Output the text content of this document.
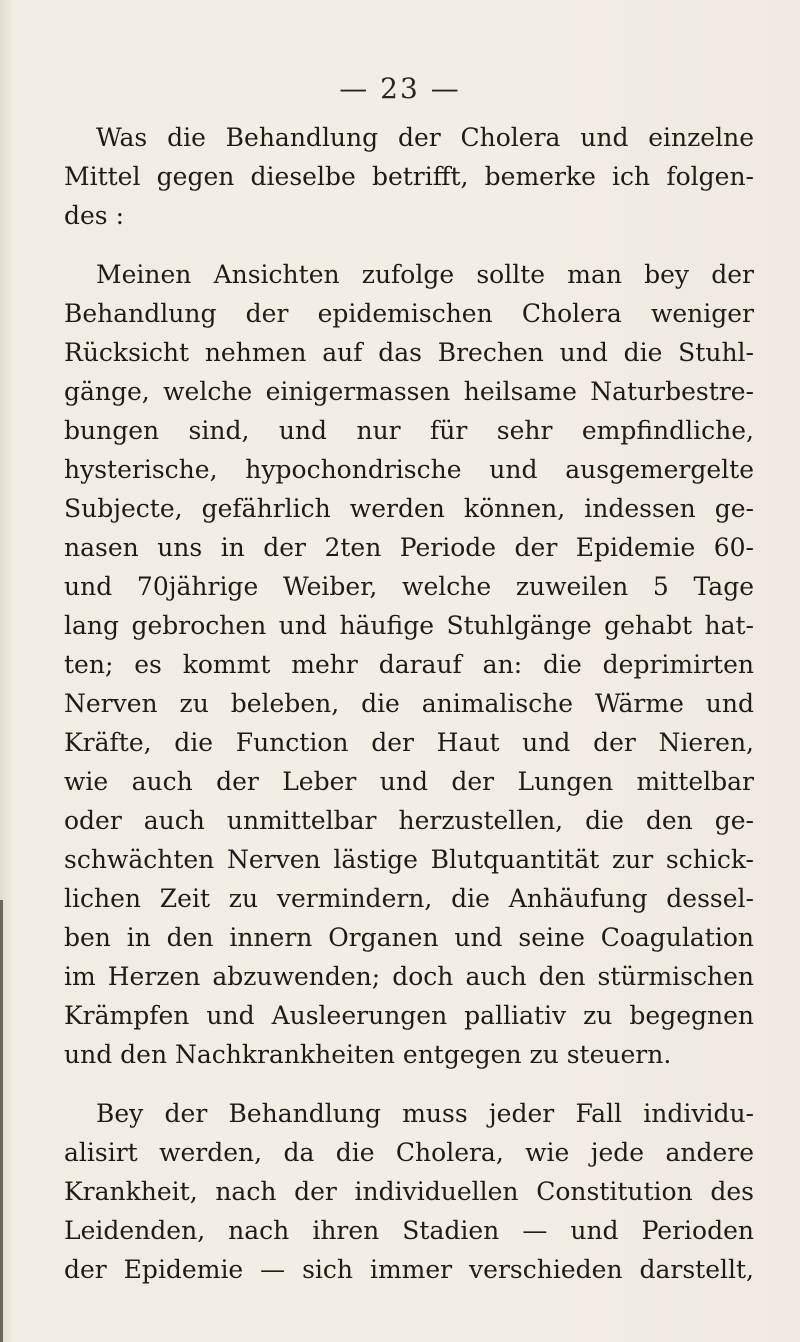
— 23 —
Was die Behandlung der Cholera und einzelne
Mittel gegen dieselbe betrifft, bemerke ich folgen-
des :
Meinen Ansichten zufolge sollte man bey der
Behandlung der epidemischen Cholera weniger
Rücksicht nehmen auf das Brechen und die Stuhl-
gänge, welche einigermassen heilsame Naturbestre-
bungen sind, und nur für sehr empfindliche,
hysterische, hypochondrische und ausgemergelte
Subjecte, gefährlich werden können, indessen ge-
nasen uns in der 2ten Periode der Epidemie 60-
und 70jährige Weiber, welche zuweilen 5 Tage
lang gebrochen und häufige Stuhlgänge gehabt hat-
ten; es kommt mehr darauf an: die deprimirten
Nerven zu beleben, die animalische Wärme und
Kräfte, die Function der Haut und der Nieren,
wie auch der Leber und der Lungen mittelbar
oder auch unmittelbar herzustellen, die den ge-
schwächten Nerven lästige Blutquantität zur schick-
lichen Zeit zu vermindern, die Anhäufung dessel-
ben in den innern Organen und seine Coagulation
im Herzen abzuwenden; doch auch den stürmischen
Krämpfen und Ausleerungen palliativ zu begegnen
und den Nachkrankheiten entgegen zu steuern.
Bey der Behandlung muss jeder Fall individu-
alisirt werden, da die Cholera, wie jede andere
Krankheit, nach der individuellen Constitution des
Leidenden, nach ihren Stadien — und Perioden
der Epidemie — sich immer verschieden darstellt,
